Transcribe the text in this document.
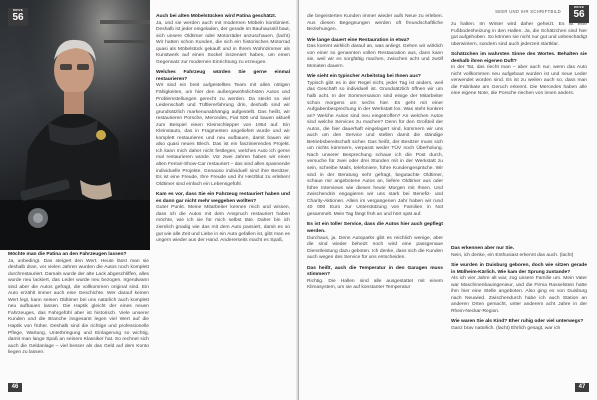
DRIVE
56

Möchte man die Patina an den Fahrzeugen lassen?

Ja, unbedingt. Das steigert den Wert. Heute lässt man sie deshalb dran, vor vielen Jahren wurden die Autos noch komplett durchrestauriert. Damals wurde der alte Lack abgeschliffen, alles wurde neu lackiert, das Leder wurde neu bezogen. Irgendwann sind aber die Autos gefragt, die vollkommen original sind. Ein Auto erzählt immer auch eine Geschichte. Wer darauf keinen Wert legt, kann seinen Oldtimer bei uns natürlich auch komplett neu aufbauen lassen. Die Haptik gleicht der eines neuen Fahrzeuges, das Fahrgefühl aber ist historisch. Viele unserer Kunden und die Branche insgesamt legen viel Wert auf die Haptik von früher. Deshalb sind die richtige und professionelle Pflege, Wartung, Unterbringung und Einlagerung so wichtig, damit man lange Spaß an seinem Klassiker hat. So rechnet sich auch die Geldanlage – viel besser als das Geld auf dem Konto liegen zu lassen.

Auch bei alten Möbelstücken wird Patina geschätzt.

Ja, und sie werden auch mit modernen Möbeln kombiniert. Deshalb ist jeder eingeladen, der gerade im Bauhausstil baut, sich unsere Oldtimer oder Motorräder anzuschauen. (lacht) Wir hatten schon Kunden, die sich ein historisches Motorrad quasi als Möbelstück gekauft und in Ihrem Wohnzimmer als Kunstwerk auf einen Sockel inszeniert haben, um einen Gegensatz zur modernen Einrichtung zu erzeugen.

Welches Fahrzeug würden Sie gerne einmal restaurieren?

Wir sind ein breit aufgestelltes Team mit allen nötigen Fähigkeiten, um hier den außergewöhnlichsten Autos und Problemstellungen gerecht zu werden. Da steckt so viel Leidenschaft und Tüftlererfahrung drin, deshalb sind wir grundsätzlich markenunabhängig aufgestellt. Das heißt, wir restaurieren Porsche, Mercedes, Fiat 500 und bauen aktuell zum Beispiel einen Kleinschlepper von 1954 auf. Ein Kleinstauto, das in Fragmenten angeliefert wurde und wir komplett restaurieren und neu aufbauen, damit bauen wir also quasi neues Blech. Das ist ein faszinierendes Projekt. Ich kann mich daher nicht festlegen, welches Auto ich gerne mal restaurieren würde. Vor zwei Jahren haben wir einen alten Ferrari-Show-Car restauriert – das sind alles spannende individuelle Projekte. Genauso individuell sind ihre Besitzer. Es ist eine Freude, Ihre Freude und ihr Herzblut zu erleben! Oldtimer sind einfach ein Lebensgefühl.

Kam es vor, dass Sie ein Fahrzeug restauriert haben und es dann gar nicht mehr weggeben wollten?

Guter Punkt. Meine Mitarbeiter kennen mich und wissen, dass ich die Autos mit dem Anspruch restauriert haben möchte, wie ich sie für mich selbst täte. Daher bin ich ziemlich gnadig wie das mit dem Auto passiert, damit es so gut wie alle Zeit und Liebe in ein Auto gefallen ist, gibt man es ungern wieder aus der Hand. Andererseits macht es Spaß,

46
SEER UND IHR SCHRIFTBILD
DRIVE
56

die begeisterten Kunden immer wieder aufs Neue zu erleben. Aus diesen Begegnungen werden oft freundschaftliche Beziehungen.

Wie lange dauert eine Restauration in etwa?

Das kommt wirklich darauf an, was anliegt. Gehen wir wirklich von einer so genannten vollen Restauration aus, dann kann sie, weil wir es sorgfältig machen, zwischen acht und zwölf Monaten dauern.

Wie sieht ein typischer Arbeitstag bei Ihnen aus?

Typisch gibt es in der Regel nicht, jeder Tag ist anders, weil das Geschäft so individuell ist. Grundsätzlich öffnen wir um halb acht. In der Sommersaison sind einige der Mitarbeiter schon morgens um sechs hier. Es geht mit einer Aufgabenbesprechung in der Werkstatt los. Was steht konkret an? Welche Autos sind neu eingetroffen? An welchen Autos sind welche Services zu machen? Denn für den Großteil der Autos, die hier dauerhaft eingelagert sind, kümmern wir uns auch um den Service und stellen damit die ständige Betriebsbereitschaft sicher. Das heißt, der Besitzer muss sich um nichts kümmern, verpasst weder TÜV noch Überholung. Nach unserer Besprechung schaue ich die Post durch, versuche für zwei oder drei Stunden mit in der Werkstatt zu sein, schreibe Mails, telefoniere, führe Kundengespräche. Wir sind in der Beratung sehr gefragt, begutachte Oldtimer, schaue mir angebotene Autos an, liefere Oldtimer aus oder führe Interviews wie dieses heute Morgen mit Ihnen. Und zwischendrin engagieren wir uns stark bei Benefiz- und Charity-Aktionen. Allein im vergangenen Jahr haben wir rund 40 000 Euro zur Unterstützung von Familien in Not gesammelt. Mein Tag fängt früh an und hört spät auf.

Es ist ein toller Service, dass die Autos hier auch gepflegt werden.

Durchaus, ja. Denn Autoparks gibt es reichlich wenige, aber die sind wieder beheizt noch wird eine passgenaue Dienstleistung dazu geboten. Ich denke, dass sich die Kunden auch wegen des Service für uns entscheiden.

Das heißt, auch die Temperatur in den Garagen muss stimmen?

Richtig. Die Hallen sind alle ausgestattet mit einem Klimasystem, um sie auf konstanter Temperatur

zu halten. Im Winter wird daher geheizt. Es ist eine Fußbodenheizung in den Hallen. Ja, die Schätzchen sind hier gut aufgehoben. So können sie nicht nur gut und unbeschädigt überwintern, sondern sind auch jederzeit startklar.

Schätzchen im wahrsten Sinne des Wortes. Behalten sie deshalb ihren eigenen Duft?

In der Tat, das riecht man – aber auch nur, wenn das Auto nicht vollkommen neu aufgebaut wurden ist und neue Leder verwendet worden sind. Es ist zu weilen auch so, dass man die Fabrikate am Geruch erkennt. Die Mercedes haben alle eine eigene Note, die Porsche riechen von innen anders.

Das erkennen aber nur Sie.

Nein, ich denke, ein Enthusiast erkennt das auch. (lacht)

Sie wurden in Duisburg geboren, doch wie sitzen gerade in Mülheim-Kärlich. Wie kam der Sprung zustande?

Als ich vier Jahre alt war, zog unsere Familie um. Mein Vater war Maschinenbauingenieur, und die Firma Rasselstein hatte ihm hier eine Stelle angeboten. Also ging es von Duisburg nach Neuwied. Zwischendurch habe ich auch Station an anderen Orten gemacht, unter anderem acht Jahre in der Rhein-Neckar-Region.

Wie waren Sie als Kind? Eher ruhig oder viel unterwegs?

Ganz brav natürlich. (lacht) Ehrlich gesagt, war ich

47
